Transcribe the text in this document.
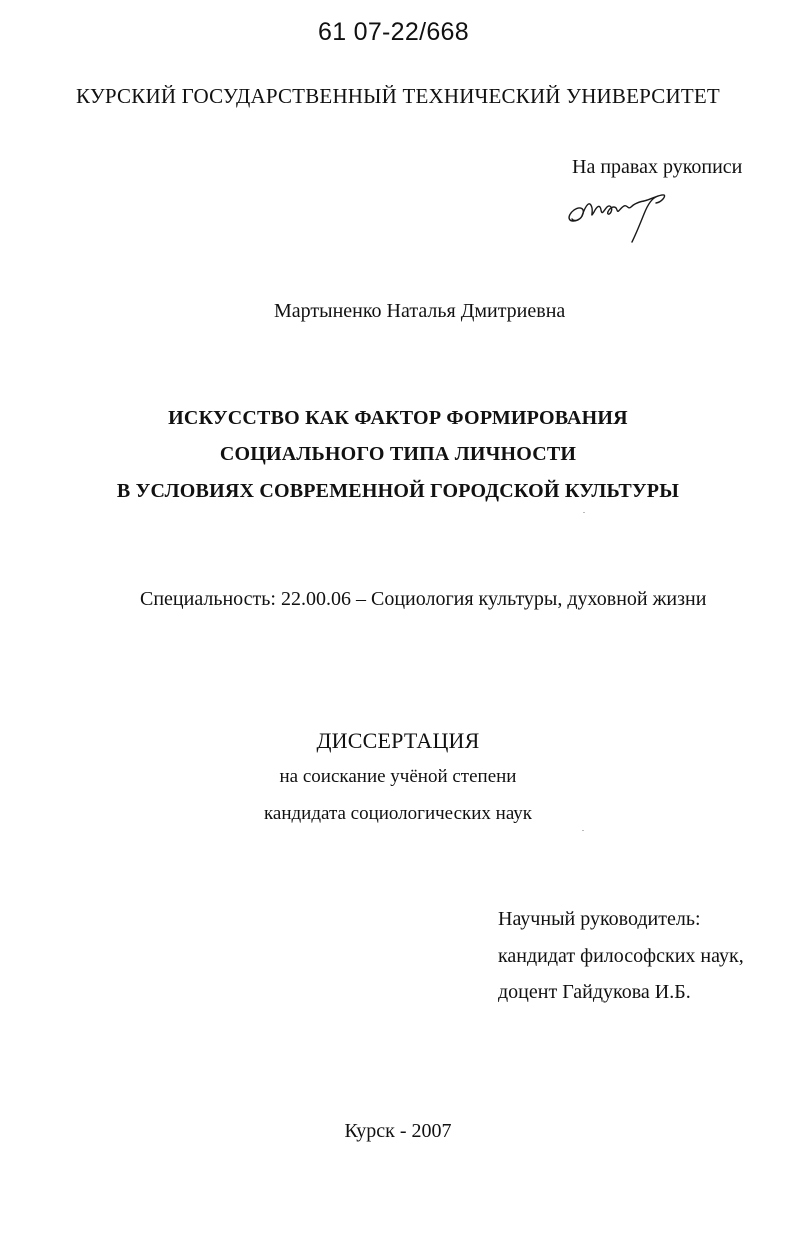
61 07-22/668
КУРСКИЙ ГОСУДАРСТВЕННЫЙ ТЕХНИЧЕСКИЙ УНИВЕРСИТЕТ
На правах рукописи
Мартыненко Наталья Дмитриевна
ИСКУССТВО КАК ФАКТОР ФОРМИРОВАНИЯ
СОЦИАЛЬНОГО ТИПА ЛИЧНОСТИ
В УСЛОВИЯХ СОВРЕМЕННОЙ ГОРОДСКОЙ КУЛЬТУРЫ
Специальность: 22.00.06 – Социология культуры, духовной жизни
ДИССЕРТАЦИЯ
на соискание учёной степени
кандидата социологических наук
Научный руководитель:
кандидат философских наук,
доцент Гайдукова И.Б.
Курск - 2007
